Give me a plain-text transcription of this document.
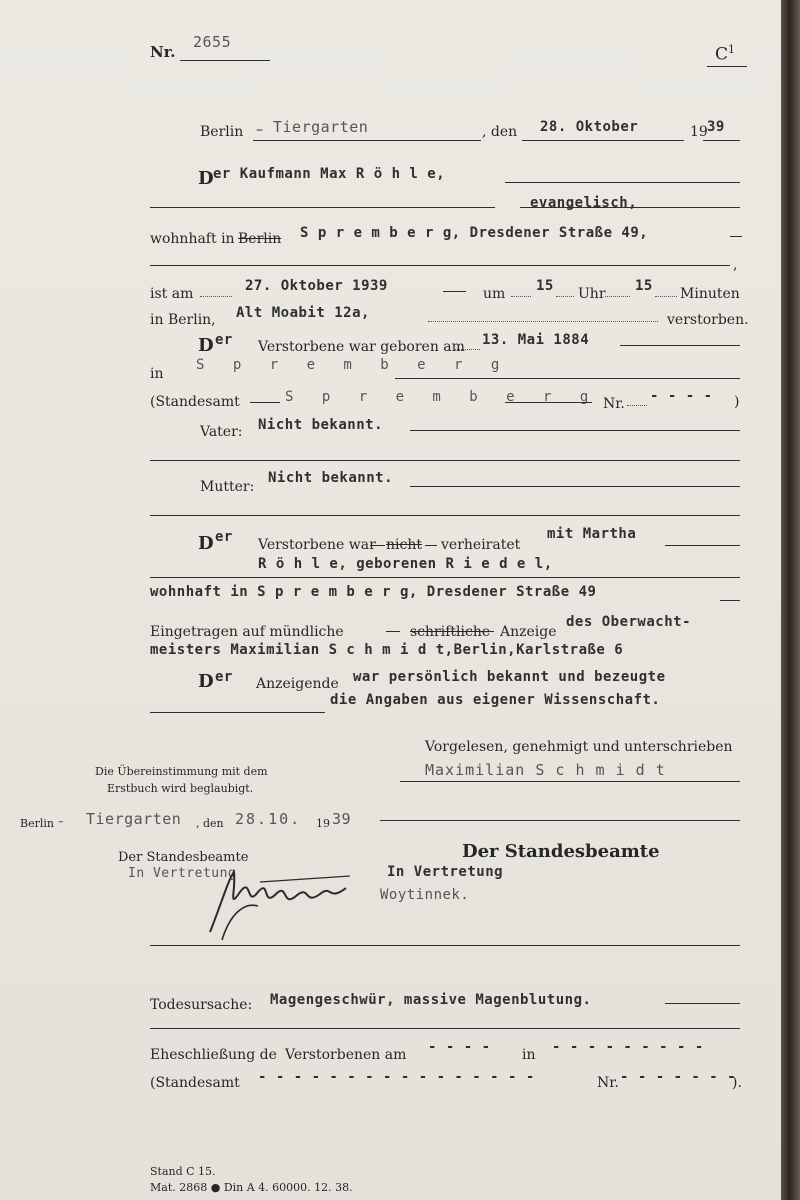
Nr.
2655
$C^1$
Berlin – Tiergarten	, den 28. Oktober	19 39
D er Kaufmann Max R ö h l e,
evangelisch,
wohnhaft in Berlin S p r e m b e r g, Dresdener Straße 49,
,
ist am	27. Oktober 1939	um 15 Uhr 15 Minuten
in Berlin, Alt Moabit 12a,	verstorben.
D er Verstorbene war geboren am 13. Mai 1884
in
S p r e m b e r g
(Standesamt	S p r e m b e r g Nr. - - - - )
Vater: Nicht bekannt.
Mutter:
Nicht bekannt.
D er Verstorbene war nicht verheiratet
mit Martha
R ö h l e, geborenen R i e d e l,
wohnhaft in S p r e m b e r g, Dresdener Straße 49
Eingetragen auf mündliche	schriftliche Anzeige
des Oberwacht-
meisters Maximilian S c h m i d t,Berlin,Karlstraße 6
D er Anzeigende war persönlich bekannt und bezeugte
die Angaben aus eigener Wissenschaft.
Vorgelesen, genehmigt und unterschrieben
Maximilian S c h m i d t
Die Übereinstimmung mit dem
Erstbuch wird beglaubigt.
Berlin – Tiergarten , den 28.10. 19 39
Der Standesbeamte
In Vertretung
Der Standesbeamte
In Vertretung
Woytinnek.
Todesursache: Magengeschwür, massive Magenblutung.
Eheschließung de Verstorbenen am - - - - in - - - - - - - - -
(Standesamt - - - - - - - - - - - - - - - -	Nr. - - - - - - -
).
Stand C 15.
Mat. 2868 ● Din A 4. 60000. 12. 38.
